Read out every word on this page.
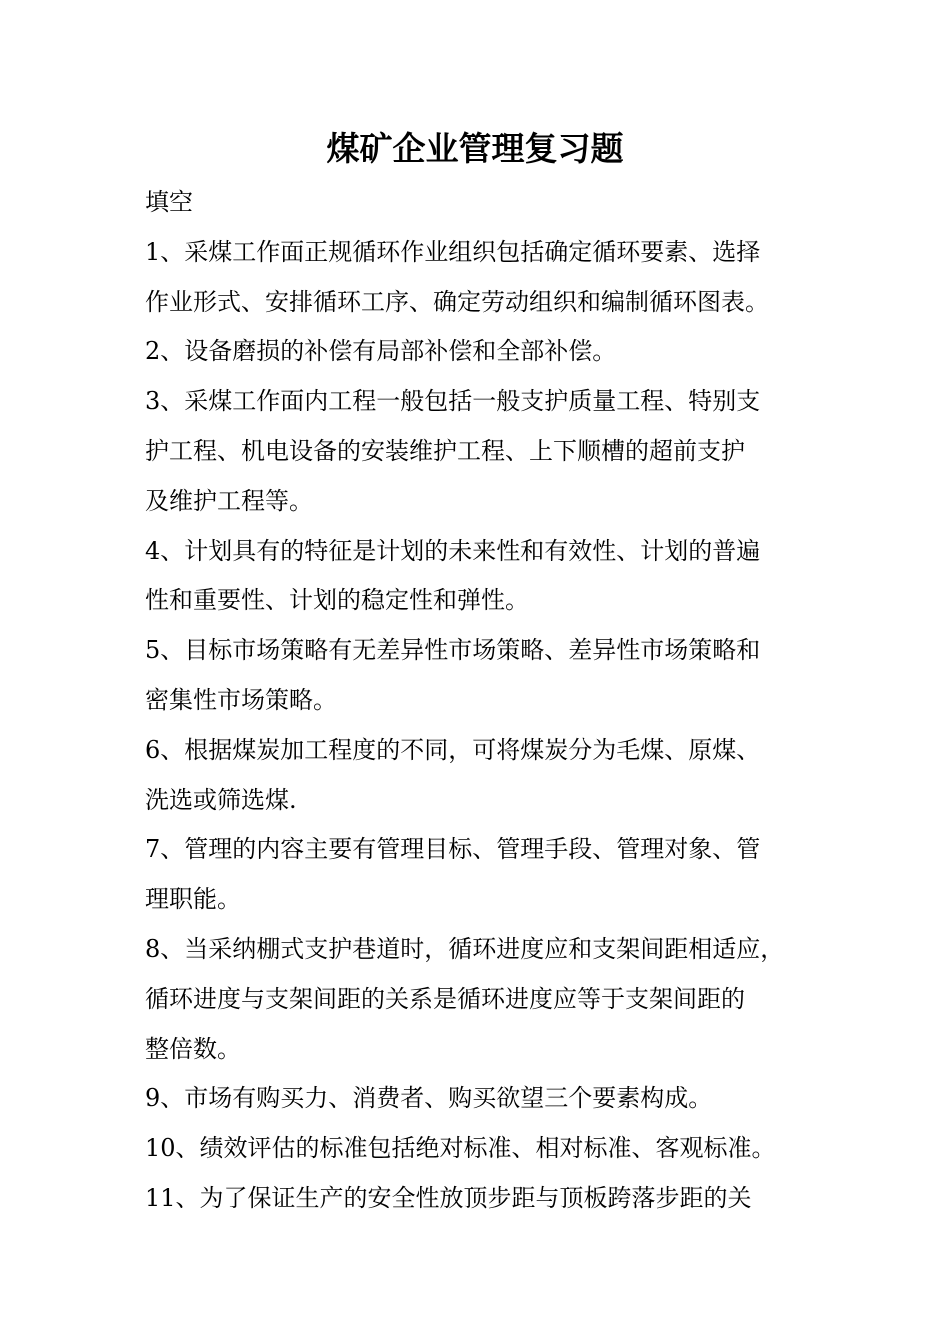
煤矿企业管理复习题
填空
1、采煤工作面正规循环作业组织包括确定循环要素、选择
作业形式、安排循环工序、确定劳动组织和编制循环图表。
2、设备磨损的补偿有局部补偿和全部补偿。
3、采煤工作面内工程一般包括一般支护质量工程、特别支
护工程、机电设备的安装维护工程、上下顺槽的超前支护
及维护工程等。
4、计划具有的特征是计划的未来性和有效性、计划的普遍
性和重要性、计划的稳定性和弹性。
5、目标市场策略有无差异性市场策略、差异性市场策略和
密集性市场策略。
6、根据煤炭加工程度的不同，可将煤炭分为毛煤、原煤、
洗选或筛选煤.
7、管理的内容主要有管理目标、管理手段、管理对象、管
理职能。
8、当采纳棚式支护巷道时，循环进度应和支架间距相适应，
循环进度与支架间距的关系是循环进度应等于支架间距的
整倍数。
9、市场有购买力、消费者、购买欲望三个要素构成。
10、绩效评估的标准包括绝对标准、相对标准、客观标准。
11、为了保证生产的安全性放顶步距与顶板跨落步距的关
